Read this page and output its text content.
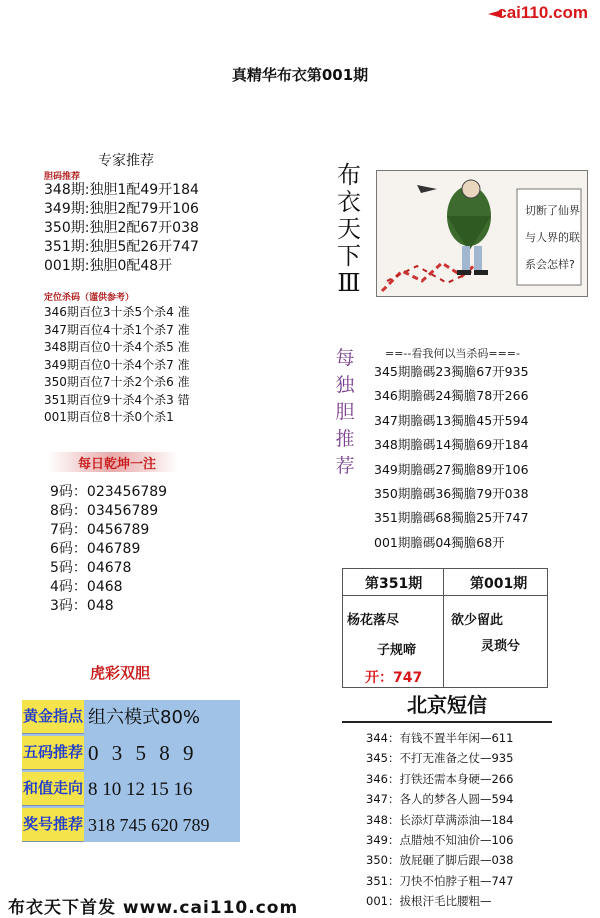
cai110.com
真精华布衣第001期
专家推荐
胆码推荐
348期:独胆1配49开184
349期:独胆2配79开106
350期:独胆2配67开038
351期:独胆5配26开747
001期:独胆0配48开
定位杀码（谨供参考）
346期百位3十杀5个杀4 准
347期百位4十杀1个杀7 准
348期百位0十杀4个杀5 准
349期百位0十杀4个杀7 准
350期百位7十杀2个杀6 准
351期百位9十杀4个杀3 错
001期百位8十杀0个杀1
每日乾坤一注
9码：023456789
8码：03456789
7码：0456789
6码：046789
5码：04678
4码：0468
3码：048
虎彩双胆
黄金指点 组六模式80%
五码推荐 0 3 5 8 9
和值走向 8 10 12 15 16
奖号推荐 318 745 620 789
布
衣
天
下
Ⅲ
切断了仙界
与人界的联
系会怎样?
每
独
胆
推
荐
==--看我何以当杀码===-
345期膽碼23獨膽67开935
346期膽碼24獨膽78开266
347期膽碼13獨膽45开594
348期膽碼14獨膽69开184
349期膽碼27獨膽89开106
350期膽碼36獨膽79开038
351期膽碼68獨膽25开747
001期膽碼04獨膽68开
第351期	第001期
杨花落尽
子规啼
欲少留此
灵琐兮
开：747
北京短信
344：有钱不置半年闲—611
345：不打无准备之仗—935
346：打铁还需本身硬—266
347：各人的梦各人圆—594
348：长添灯草满添油—184
349：点腊烛不知油价—106
350：放屁砸了脚后跟—038
351：刀快不怕脖子粗—747
001：拔根汗毛比腰粗—
布衣天下首发 www.cai110.com
